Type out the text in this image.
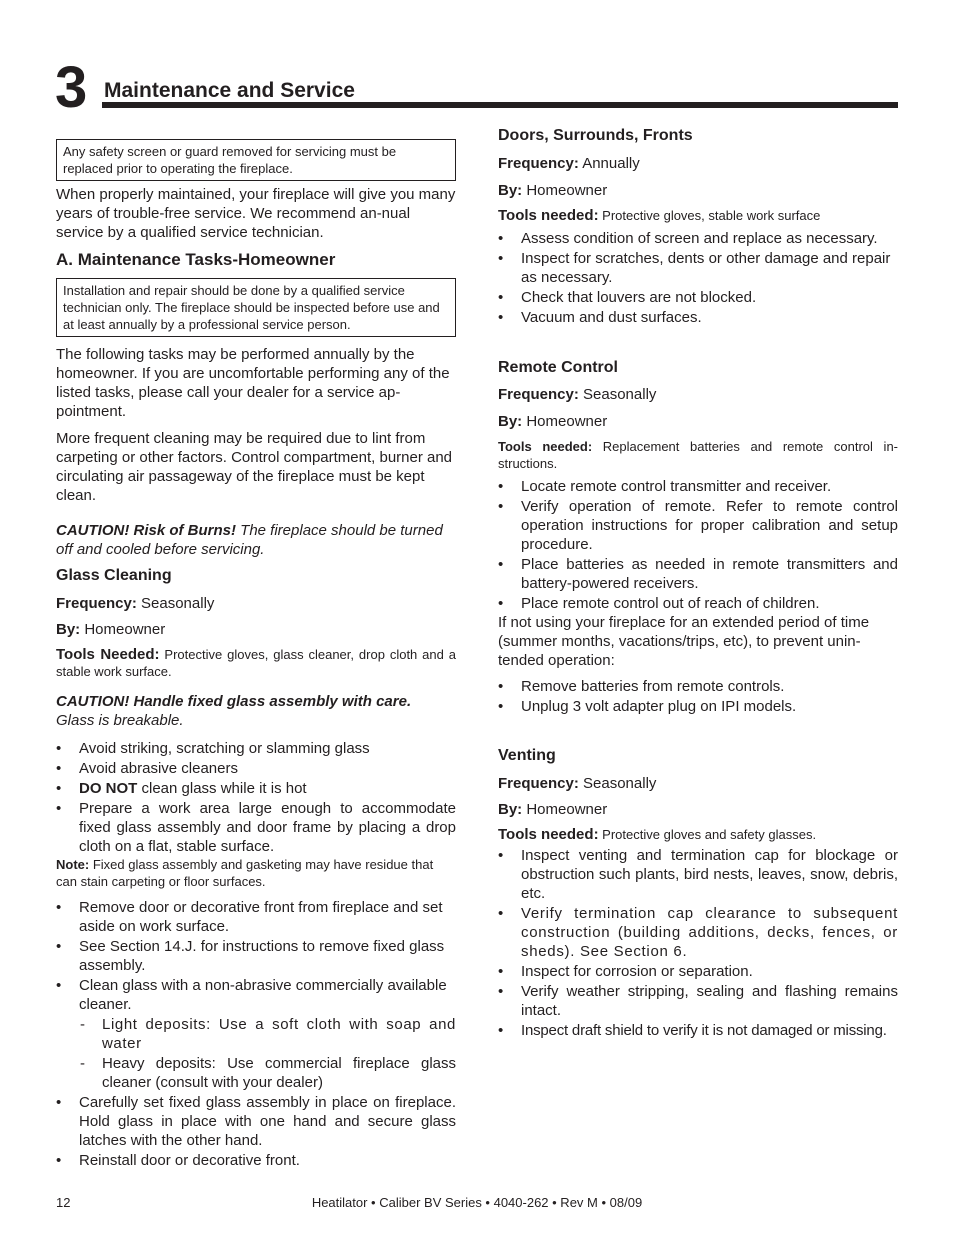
3 Maintenance and Service
Any safety screen or guard removed for servicing must be replaced prior to operating the fireplace.

When properly maintained, your fireplace will give you many years of trouble-free service. We recommend an-nual service by a qualified service technician.

A. Maintenance Tasks-Homeowner
Installation and repair should be done by a qualified service technician only. The fireplace should be inspected before use and at least annually by a professional service person.

The following tasks may be performed annually by the homeowner. If you are uncomfortable performing any of the listed tasks, please call your dealer for a service ap-pointment.

More frequent cleaning may be required due to lint from carpeting or other factors. Control compartment, burner and circulating air passageway of the fireplace must be kept clean.

CAUTION! Risk of Burns! The fireplace should be turned off and cooled before servicing.

Glass Cleaning

Frequency: Seasonally

By: Homeowner

Tools Needed: Protective gloves, glass cleaner, drop cloth and a stable work surface.

CAUTION! Handle fixed glass assembly with care.
Glass is breakable.

• Avoid striking, scratching or slamming glass
• Avoid abrasive cleaners
• DO NOT clean glass while it is hot
• Prepare a work area large enough to accommodate fixed glass assembly and door frame by placing a drop cloth on a flat, stable surface.

Note: Fixed glass assembly and gasketing may have residue that can stain carpeting or floor surfaces.

• Remove door or decorative front from fireplace and set aside on work surface.
• See Section 14.J. for instructions to remove fixed glass assembly.
• Clean glass with a non-abrasive commercially available cleaner.
- Light deposits: Use a soft cloth with soap and water
- Heavy deposits: Use commercial fireplace glass cleaner (consult with your dealer)
• Carefully set fixed glass assembly in place on fireplace. Hold glass in place with one hand and secure glass latches with the other hand.
• Reinstall door or decorative front.
Doors, Surrounds, Fronts

Frequency: Annually

By: Homeowner

Tools needed: Protective gloves, stable work surface

• Assess condition of screen and replace as necessary.
• Inspect for scratches, dents or other damage and repair as necessary.
• Check that louvers are not blocked.
• Vacuum and dust surfaces.
Remote Control

Frequency: Seasonally

By: Homeowner

Tools needed: Replacement batteries and remote control in-structions.

• Locate remote control transmitter and receiver.
• Verify operation of remote. Refer to remote control operation instructions for proper calibration and setup procedure.
• Place batteries as needed in remote transmitters and battery-powered receivers.
• Place remote control out of reach of children.

If not using your fireplace for an extended period of time (summer months, vacations/trips, etc), to prevent unin-tended operation:

• Remove batteries from remote controls.
• Unplug 3 volt adapter plug on IPI models.
Venting

Frequency: Seasonally

By: Homeowner

Tools needed: Protective gloves and safety glasses.

• Inspect venting and termination cap for blockage or obstruction such plants, bird nests, leaves, snow, debris, etc.
• Verify termination cap clearance to subsequent construction (building additions, decks, fences, or sheds). See Section 6.
• Inspect for corrosion or separation.
• Verify weather stripping, sealing and flashing remains intact.
• Inspect draft shield to verify it is not damaged or missing.
12	Heatilator • Caliber BV Series • 4040-262 • Rev M • 08/09
